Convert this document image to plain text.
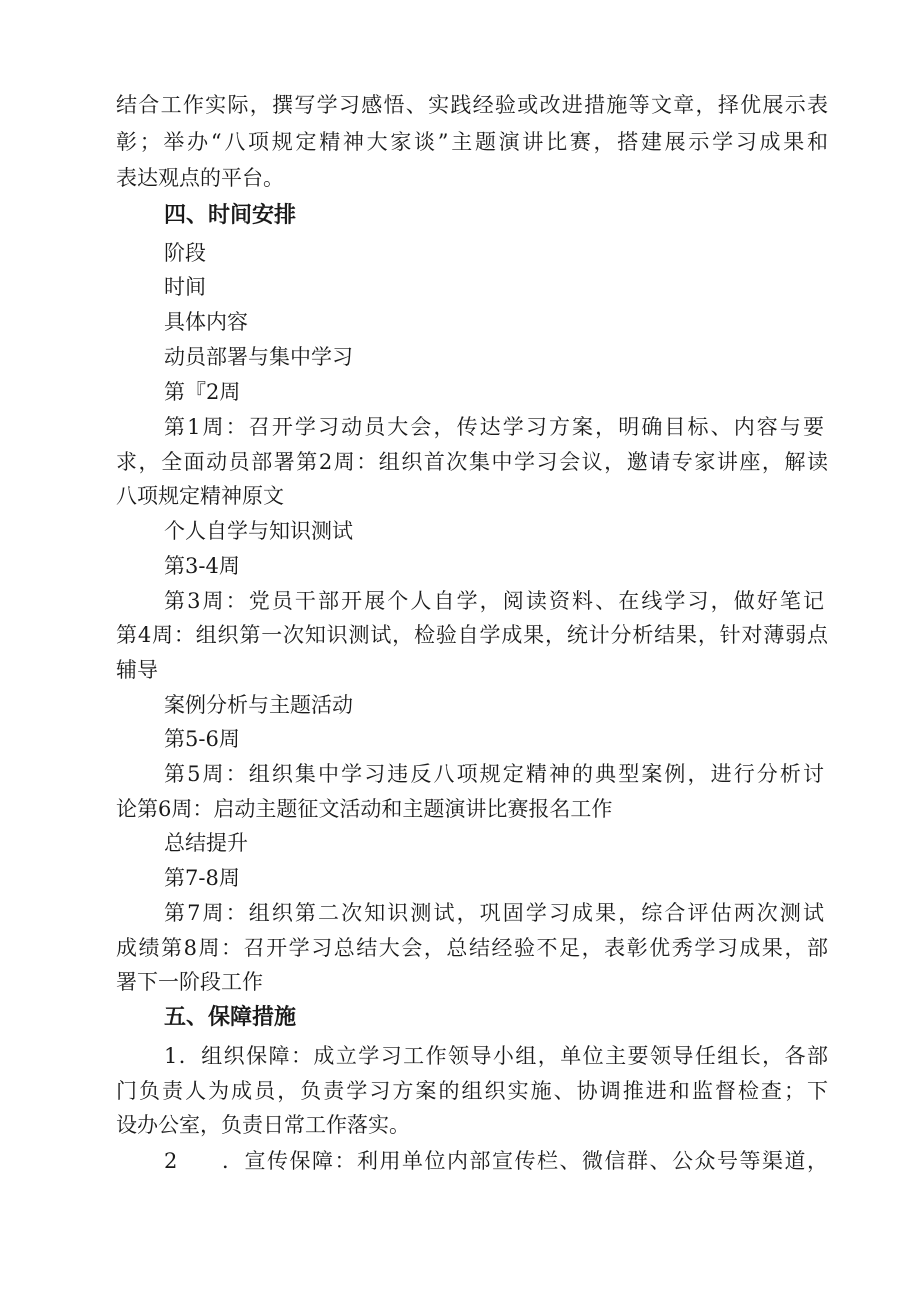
结合工作实际，撰写学习感悟、实践经验或改进措施等文章，择优展示表

彰；举办“八项规定精神大家谈”主题演讲比赛，搭建展示学习成果和

表达观点的平台。

四、时间安排

阶段

时间

具体内容

动员部署与集中学习

第『2周

第1周：召开学习动员大会，传达学习方案，明确目标、内容与要

求，全面动员部署第2周：组织首次集中学习会议，邀请专家讲座，解读

八项规定精神原文

个人自学与知识测试

第3-4周

第3周：党员干部开展个人自学，阅读资料、在线学习，做好笔记

第4周：组织第一次知识测试，检验自学成果，统计分析结果，针对薄弱点

辅导

案例分析与主题活动

第5-6周

第5周：组织集中学习违反八项规定精神的典型案例，进行分析讨

论第6周：启动主题征文活动和主题演讲比赛报名工作

总结提升

第7-8周

第7周：组织第二次知识测试，巩固学习成果，综合评估两次测试

成绩第8周：召开学习总结大会，总结经验不足，表彰优秀学习成果，部

署下一阶段工作

五、保障措施

1．组织保障：成立学习工作领导小组，单位主要领导任组长，各部

门负责人为成员，负责学习方案的组织实施、协调推进和监督检查；下

设办公室，负责日常工作落实。

2 ．宣传保障：利用单位内部宣传栏、微信群、公众号等渠道，
